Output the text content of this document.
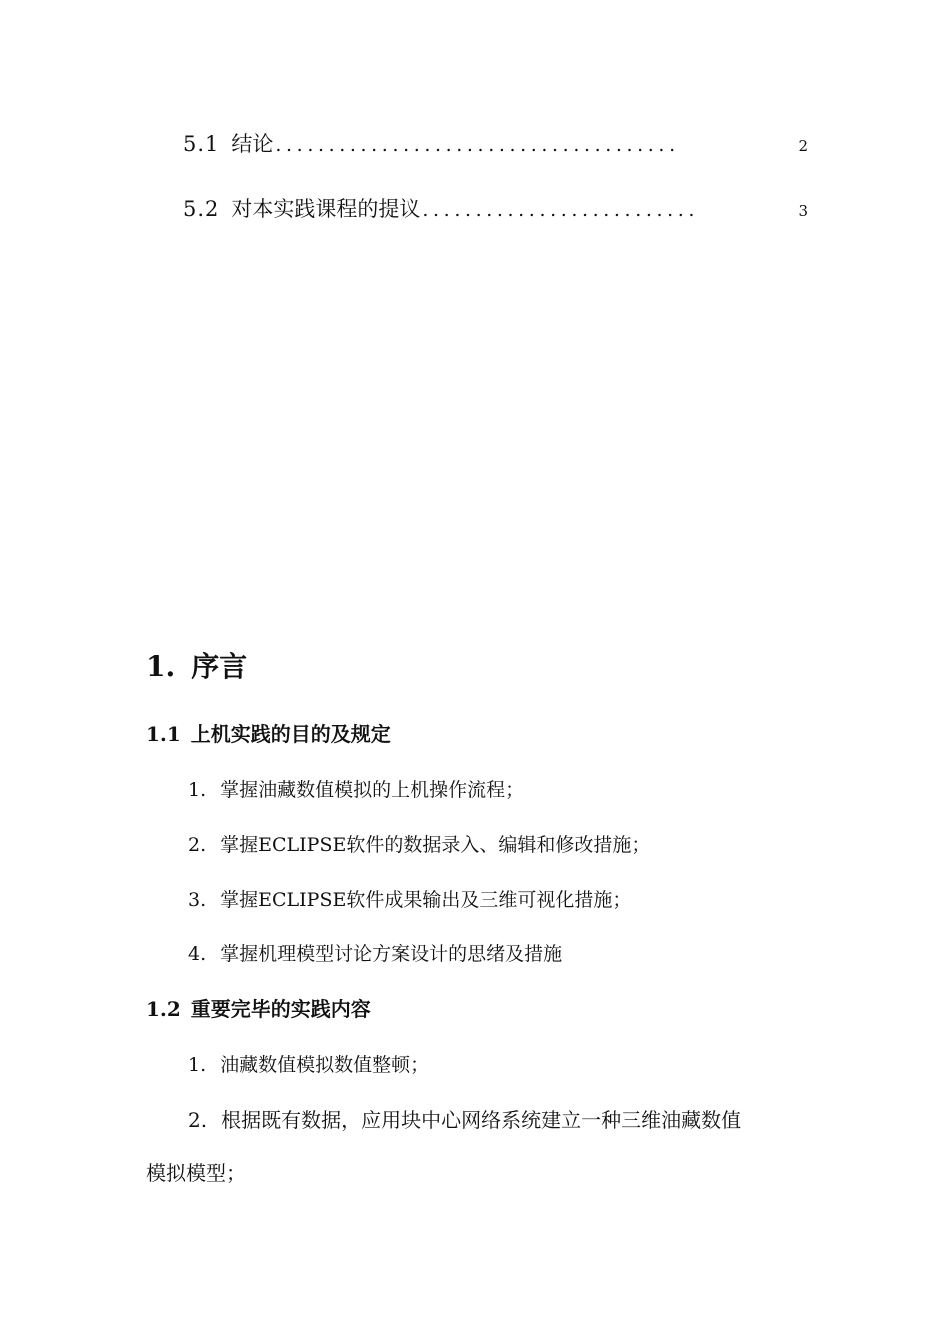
5.1 结论 ......................................	2
5.2 对本实践课程的提议 ..........................	3
1. 序言
1.1 上机实践的目的及规定
1. 掌握油藏数值模拟的上机操作流程；
2. 掌握ECLIPSE软件的数据录入、编辑和修改措施；
3. 掌握ECLIPSE软件成果输出及三维可视化措施；
4. 掌握机理模型讨论方案设计的思绪及措施
1.2 重要完毕的实践内容
1. 油藏数值模拟数值整顿；
2. 根据既有数据，应用块中心网络系统建立一种三维油藏数值
模拟模型；
